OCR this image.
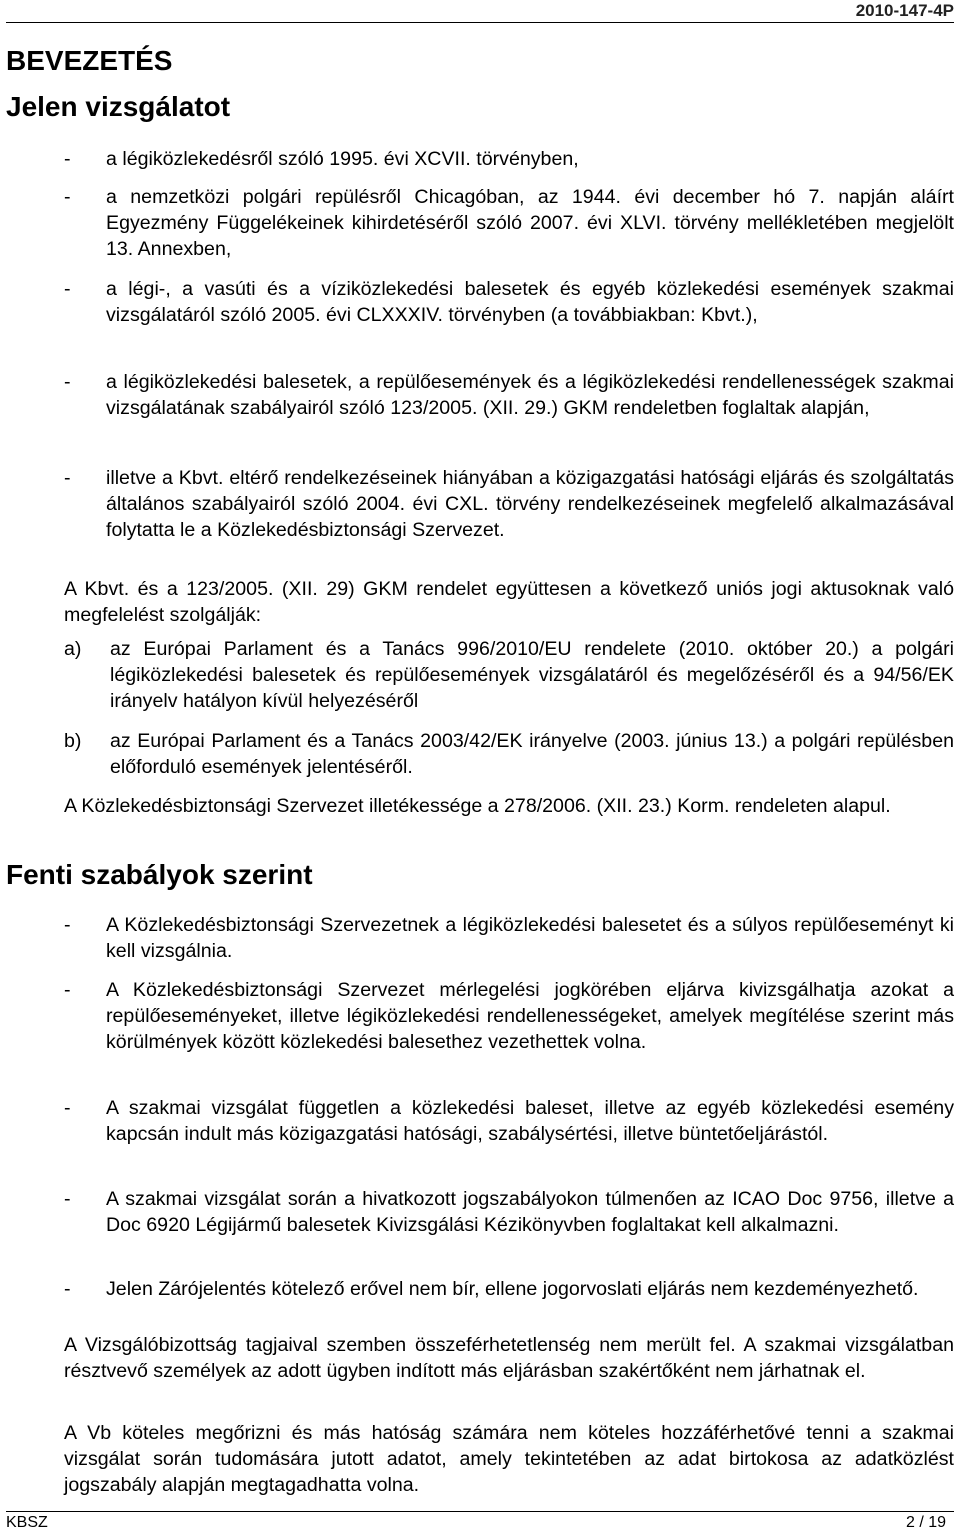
2010-147-4P
BEVEZETÉS
Jelen vizsgálatot
- a légiközlekedésről szóló 1995. évi XCVII. törvényben,
- a nemzetközi polgári repülésről Chicagóban, az 1944. évi december hó 7. napján aláírt Egyezmény Függelékeinek kihirdetéséről szóló 2007. évi XLVI. törvény mellékletében megjelölt 13. Annexben,
- a légi-, a vasúti és a víziközlekedési balesetek és egyéb közlekedési események szakmai vizsgálatáról szóló 2005. évi CLXXXIV. törvényben (a továbbiakban: Kbvt.),
- a légiközlekedési balesetek, a repülőesemények és a légiközlekedési rendellenességek szakmai vizsgálatának szabályairól szóló 123/2005. (XII. 29.) GKM rendeletben foglaltak alapján,
- illetve a Kbvt. eltérő rendelkezéseinek hiányában a közigazgatási hatósági eljárás és szolgáltatás általános szabályairól szóló 2004. évi CXL. törvény rendelkezéseinek megfelelő alkalmazásával folytatta le a Közlekedésbiztonsági Szervezet.
A Kbvt. és a 123/2005. (XII. 29) GKM rendelet együttesen a következő uniós jogi aktusoknak való megfelelést szolgálják:
a) az Európai Parlament és a Tanács 996/2010/EU rendelete (2010. október 20.) a polgári légiközlekedési balesetek és repülőesemények vizsgálatáról és megelőzéséről és a 94/56/EK irányelv hatályon kívül helyezéséről
b) az Európai Parlament és a Tanács 2003/42/EK irányelve (2003. június 13.) a polgári repülésben előforduló események jelentéséről.
A Közlekedésbiztonsági Szervezet illetékessége a 278/2006. (XII. 23.) Korm. rendeleten alapul.
Fenti szabályok szerint
- A Közlekedésbiztonsági Szervezetnek a légiközlekedési balesetet és a súlyos repülőeseményt ki kell vizsgálnia.
- A Közlekedésbiztonsági Szervezet mérlegelési jogkörében eljárva kivizsgálhatja azokat a repülőeseményeket, illetve légiközlekedési rendellenességeket, amelyek megítélése szerint más körülmények között közlekedési balesethez vezethettek volna.
- A szakmai vizsgálat független a közlekedési baleset, illetve az egyéb közlekedési esemény kapcsán indult más közigazgatási hatósági, szabálysértési, illetve büntetőeljárástól.
- A szakmai vizsgálat során a hivatkozott jogszabályokon túlmenően az ICAO Doc 9756, illetve a Doc 6920 Légijármű balesetek Kivizsgálási Kézikönyvben foglaltakat kell alkalmazni.
- Jelen Zárójelentés kötelező erővel nem bír, ellene jogorvoslati eljárás nem kezdeményezhető.
A Vizsgálóbizottság tagjaival szemben összeférhetetlenség nem merült fel. A szakmai vizsgálatban résztvevő személyek az adott ügyben indított más eljárásban szakértőként nem járhatnak el.
A Vb köteles megőrizni és más hatóság számára nem köteles hozzáférhetővé tenni a szakmai vizsgálat során tudomására jutott adatot, amely tekintetében az adat birtokosa az adatközlést jogszabály alapján megtagadhatta volna.
KBSZ	2 / 19
